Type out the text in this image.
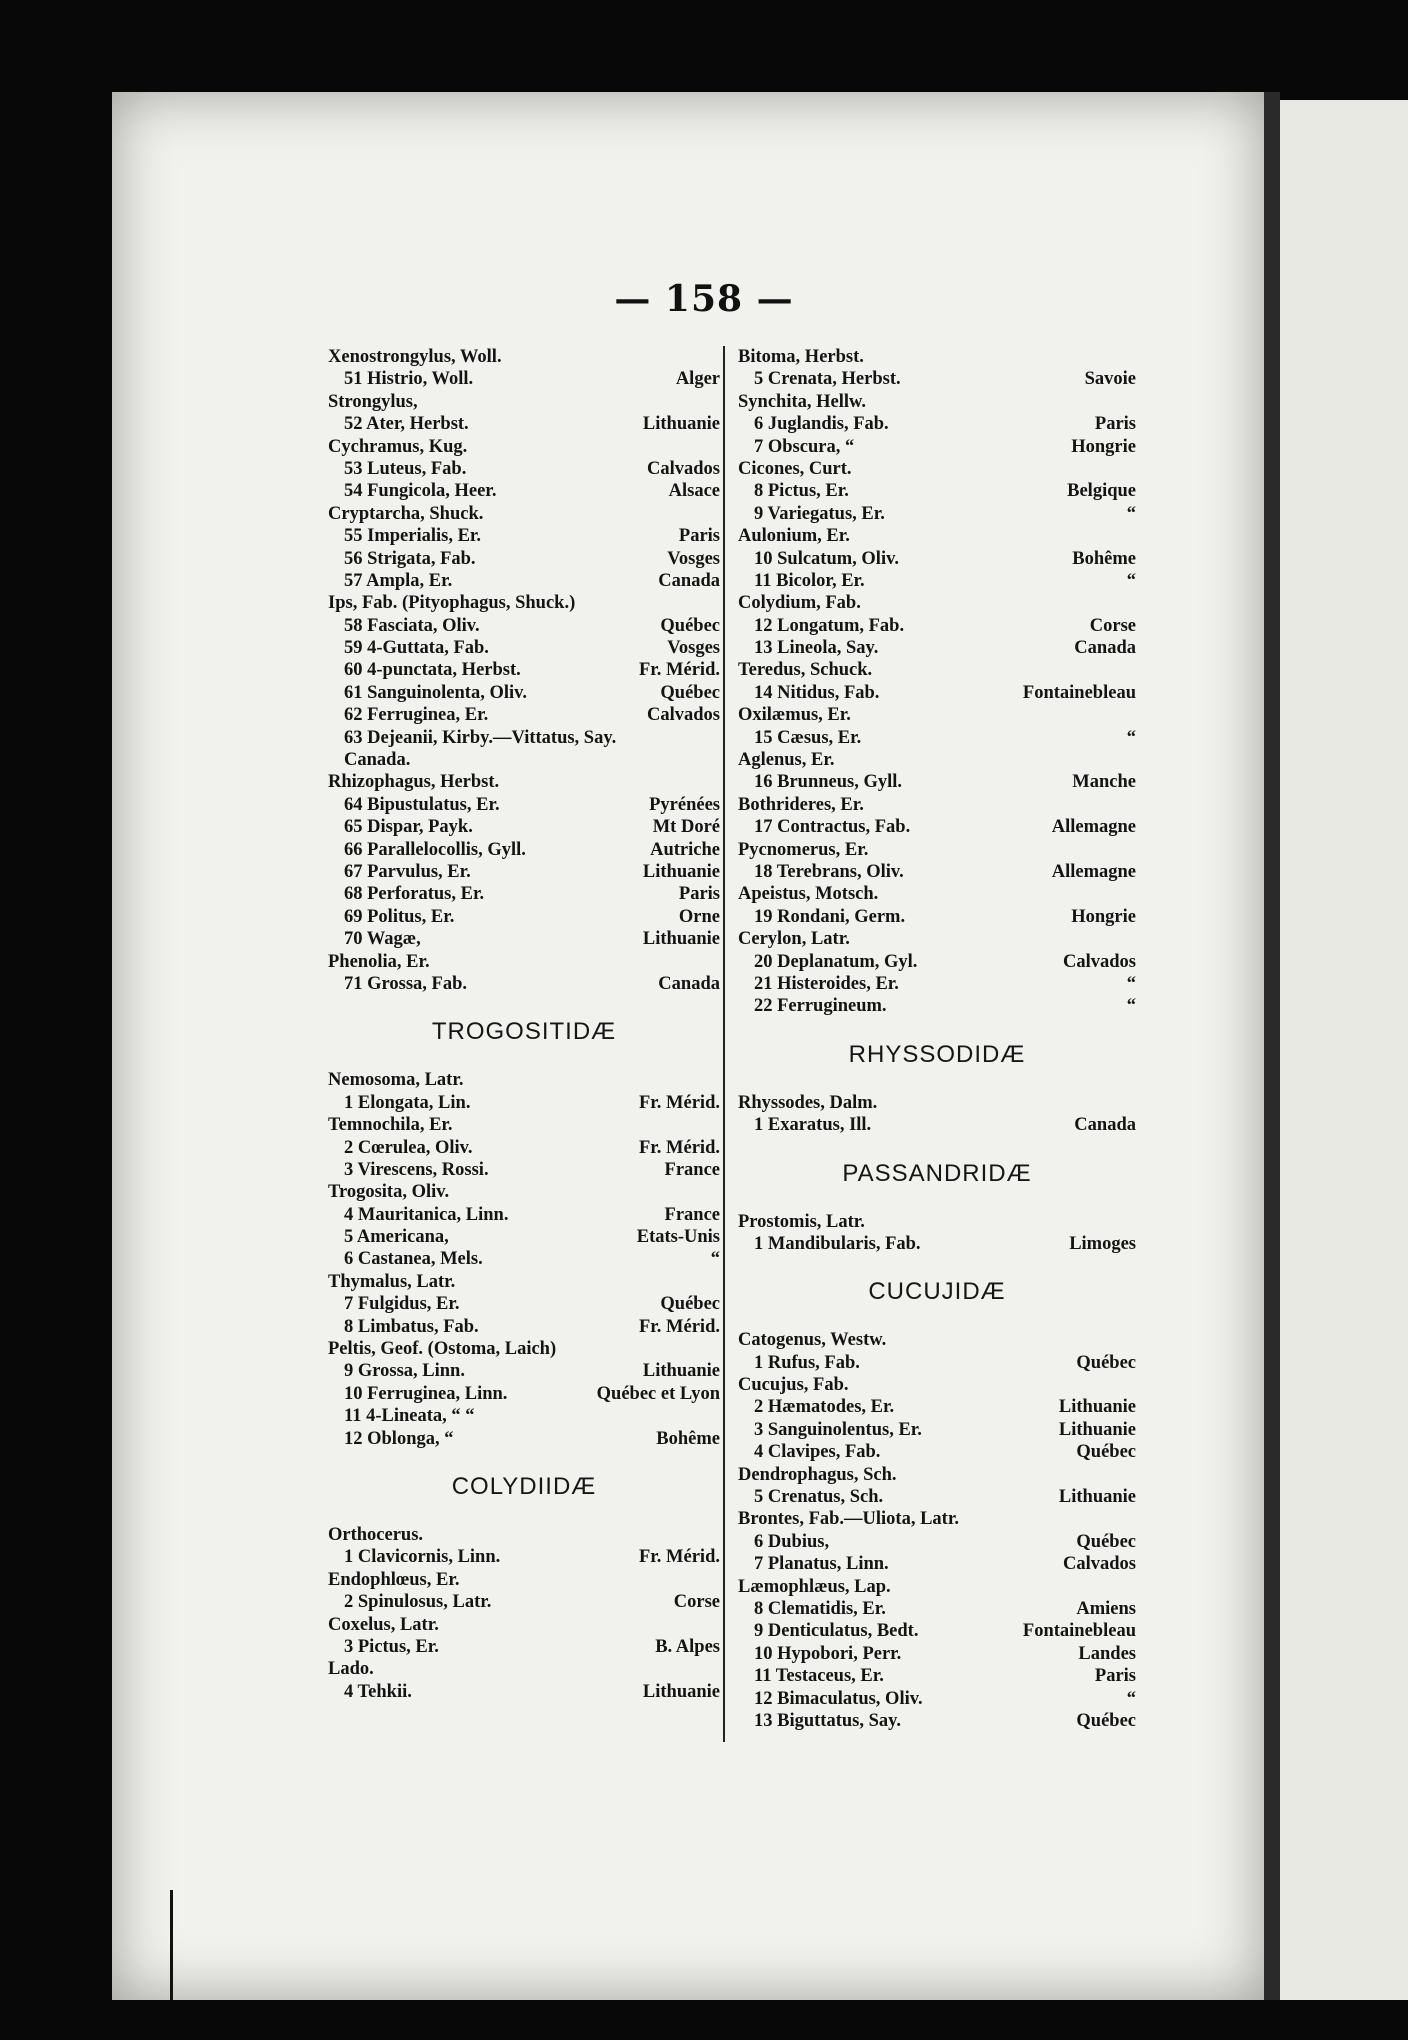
— 158 —
Xenostrongylus, Woll.
51 Histrio, Woll.	Alger
Strongylus,
52 Ater, Herbst.	Lithuanie
Cychramus, Kug.
53 Luteus, Fab.	Calvados
54 Fungicola, Heer.	Alsace
Cryptarcha, Shuck.
55 Imperialis, Er.	Paris
56 Strigata, Fab.	Vosges
57 Ampla, Er.	Canada
Ips, Fab. (Pityophagus, Shuck.)
58 Fasciata, Oliv.	Québec
59 4-Guttata, Fab.	Vosges
60 4-punctata, Herbst.	Fr. Mérid.
61 Sanguinolenta, Oliv.	Québec
62 Ferruginea, Er.	Calvados
63 Dejeanii, Kirby.—Vittatus, Say.
Canada.
Rhizophagus, Herbst.
64 Bipustulatus, Er.	Pyrénées
65 Dispar, Payk.	Mt Doré
66 Parallelocollis, Gyll.	Autriche
67 Parvulus, Er.	Lithuanie
68 Perforatus, Er.	Paris
69 Politus, Er.	Orne
70 Wagæ,	Lithuanie
Phenolia, Er.
71 Grossa, Fab.	Canada
TROGOSITIDÆ
Nemosoma, Latr.
1 Elongata, Lin.	Fr. Mérid.
Temnochila, Er.
2 Cœrulea, Oliv.	Fr. Mérid.
3 Virescens, Rossi.	France
Trogosita, Oliv.
4 Mauritanica, Linn.	France
5 Americana,	Etats-Unis
6 Castanea, Mels.	“
Thymalus, Latr.
7 Fulgidus, Er.	Québec
8 Limbatus, Fab.	Fr. Mérid.
Peltis, Geof. (Ostoma, Laich)
9 Grossa, Linn.	Lithuanie
10 Ferruginea, Linn.	Québec et Lyon
11 4-Lineata, “ “
12 Oblonga, “	Bohême
COLYDIIDÆ
Orthocerus.
1 Clavicornis, Linn.	Fr. Mérid.
Endophlœus, Er.
2 Spinulosus, Latr.	Corse
Coxelus, Latr.
3 Pictus, Er.	B. Alpes
Lado.
4 Tehkii.	Lithuanie
Bitoma, Herbst.
5 Crenata, Herbst.	Savoie
Synchita, Hellw.
6 Juglandis, Fab.	Paris
7 Obscura, “	Hongrie
Cicones, Curt.
8 Pictus, Er.	Belgique
9 Variegatus, Er.	“
Aulonium, Er.
10 Sulcatum, Oliv.	Bohême
11 Bicolor, Er.	“
Colydium, Fab.
12 Longatum, Fab.	Corse
13 Lineola, Say.	Canada
Teredus, Schuck.
14 Nitidus, Fab.	Fontainebleau
Oxilæmus, Er.
15 Cæsus, Er.	“
Aglenus, Er.
16 Brunneus, Gyll.	Manche
Bothrideres, Er.
17 Contractus, Fab.	Allemagne
Pycnomerus, Er.
18 Terebrans, Oliv.	Allemagne
Apeistus, Motsch.
19 Rondani, Germ.	Hongrie
Cerylon, Latr.
20 Deplanatum, Gyl.	Calvados
21 Histeroides, Er.	“
22 Ferrugineum.	“
RHYSSODIDÆ
Rhyssodes, Dalm.
1 Exaratus, Ill.	Canada
PASSANDRIDÆ
Prostomis, Latr.
1 Mandibularis, Fab.	Limoges
CUCUJIDÆ
Catogenus, Westw.
1 Rufus, Fab.	Québec
Cucujus, Fab.
2 Hæmatodes, Er.	Lithuanie
3 Sanguinolentus, Er.	Lithuanie
4 Clavipes, Fab.	Québec
Dendrophagus, Sch.
5 Crenatus, Sch.	Lithuanie
Brontes, Fab.—Uliota, Latr.
6 Dubius,	Québec
7 Planatus, Linn.	Calvados
Læmophlæus, Lap.
8 Clematidis, Er.	Amiens
9 Denticulatus, Bedt.	Fontainebleau
10 Hypobori, Perr.	Landes
11 Testaceus, Er.	Paris
12 Bimaculatus, Oliv.	“
13 Biguttatus, Say.	Québec
